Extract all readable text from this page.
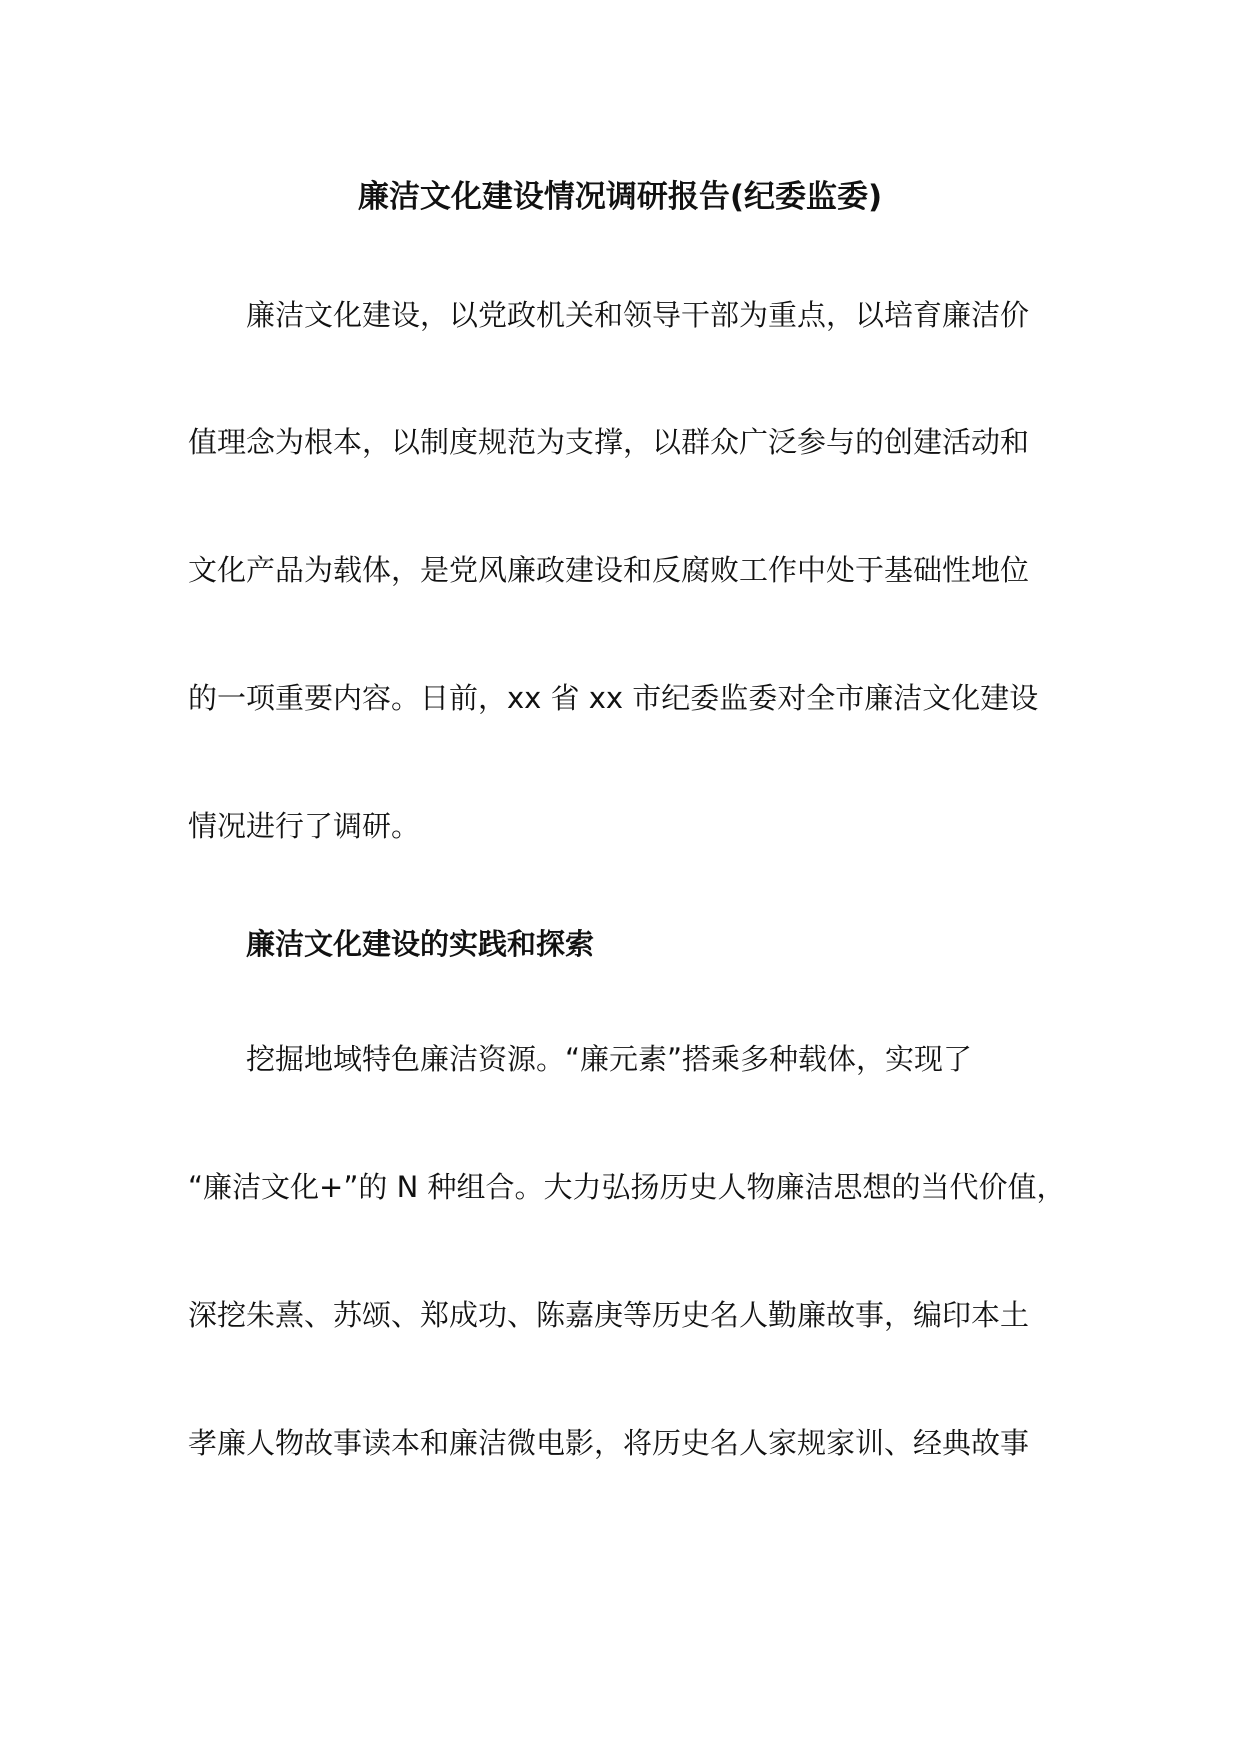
廉洁文化建设情况调研报告(纪委监委)
廉洁文化建设，以党政机关和领导干部为重点，以培育廉洁价
值理念为根本，以制度规范为支撑，以群众广泛参与的创建活动和
文化产品为载体，是党风廉政建设和反腐败工作中处于基础性地位
的一项重要内容。日前，xx 省 xx 市纪委监委对全市廉洁文化建设
情况进行了调研。
廉洁文化建设的实践和探索
挖掘地域特色廉洁资源。“廉元素”搭乘多种载体，实现了
“廉洁文化+”的 N 种组合。大力弘扬历史人物廉洁思想的当代价值，
深挖朱熹、苏颂、郑成功、陈嘉庚等历史名人勤廉故事，编印本土
孝廉人物故事读本和廉洁微电影，将历史名人家规家训、经典故事
